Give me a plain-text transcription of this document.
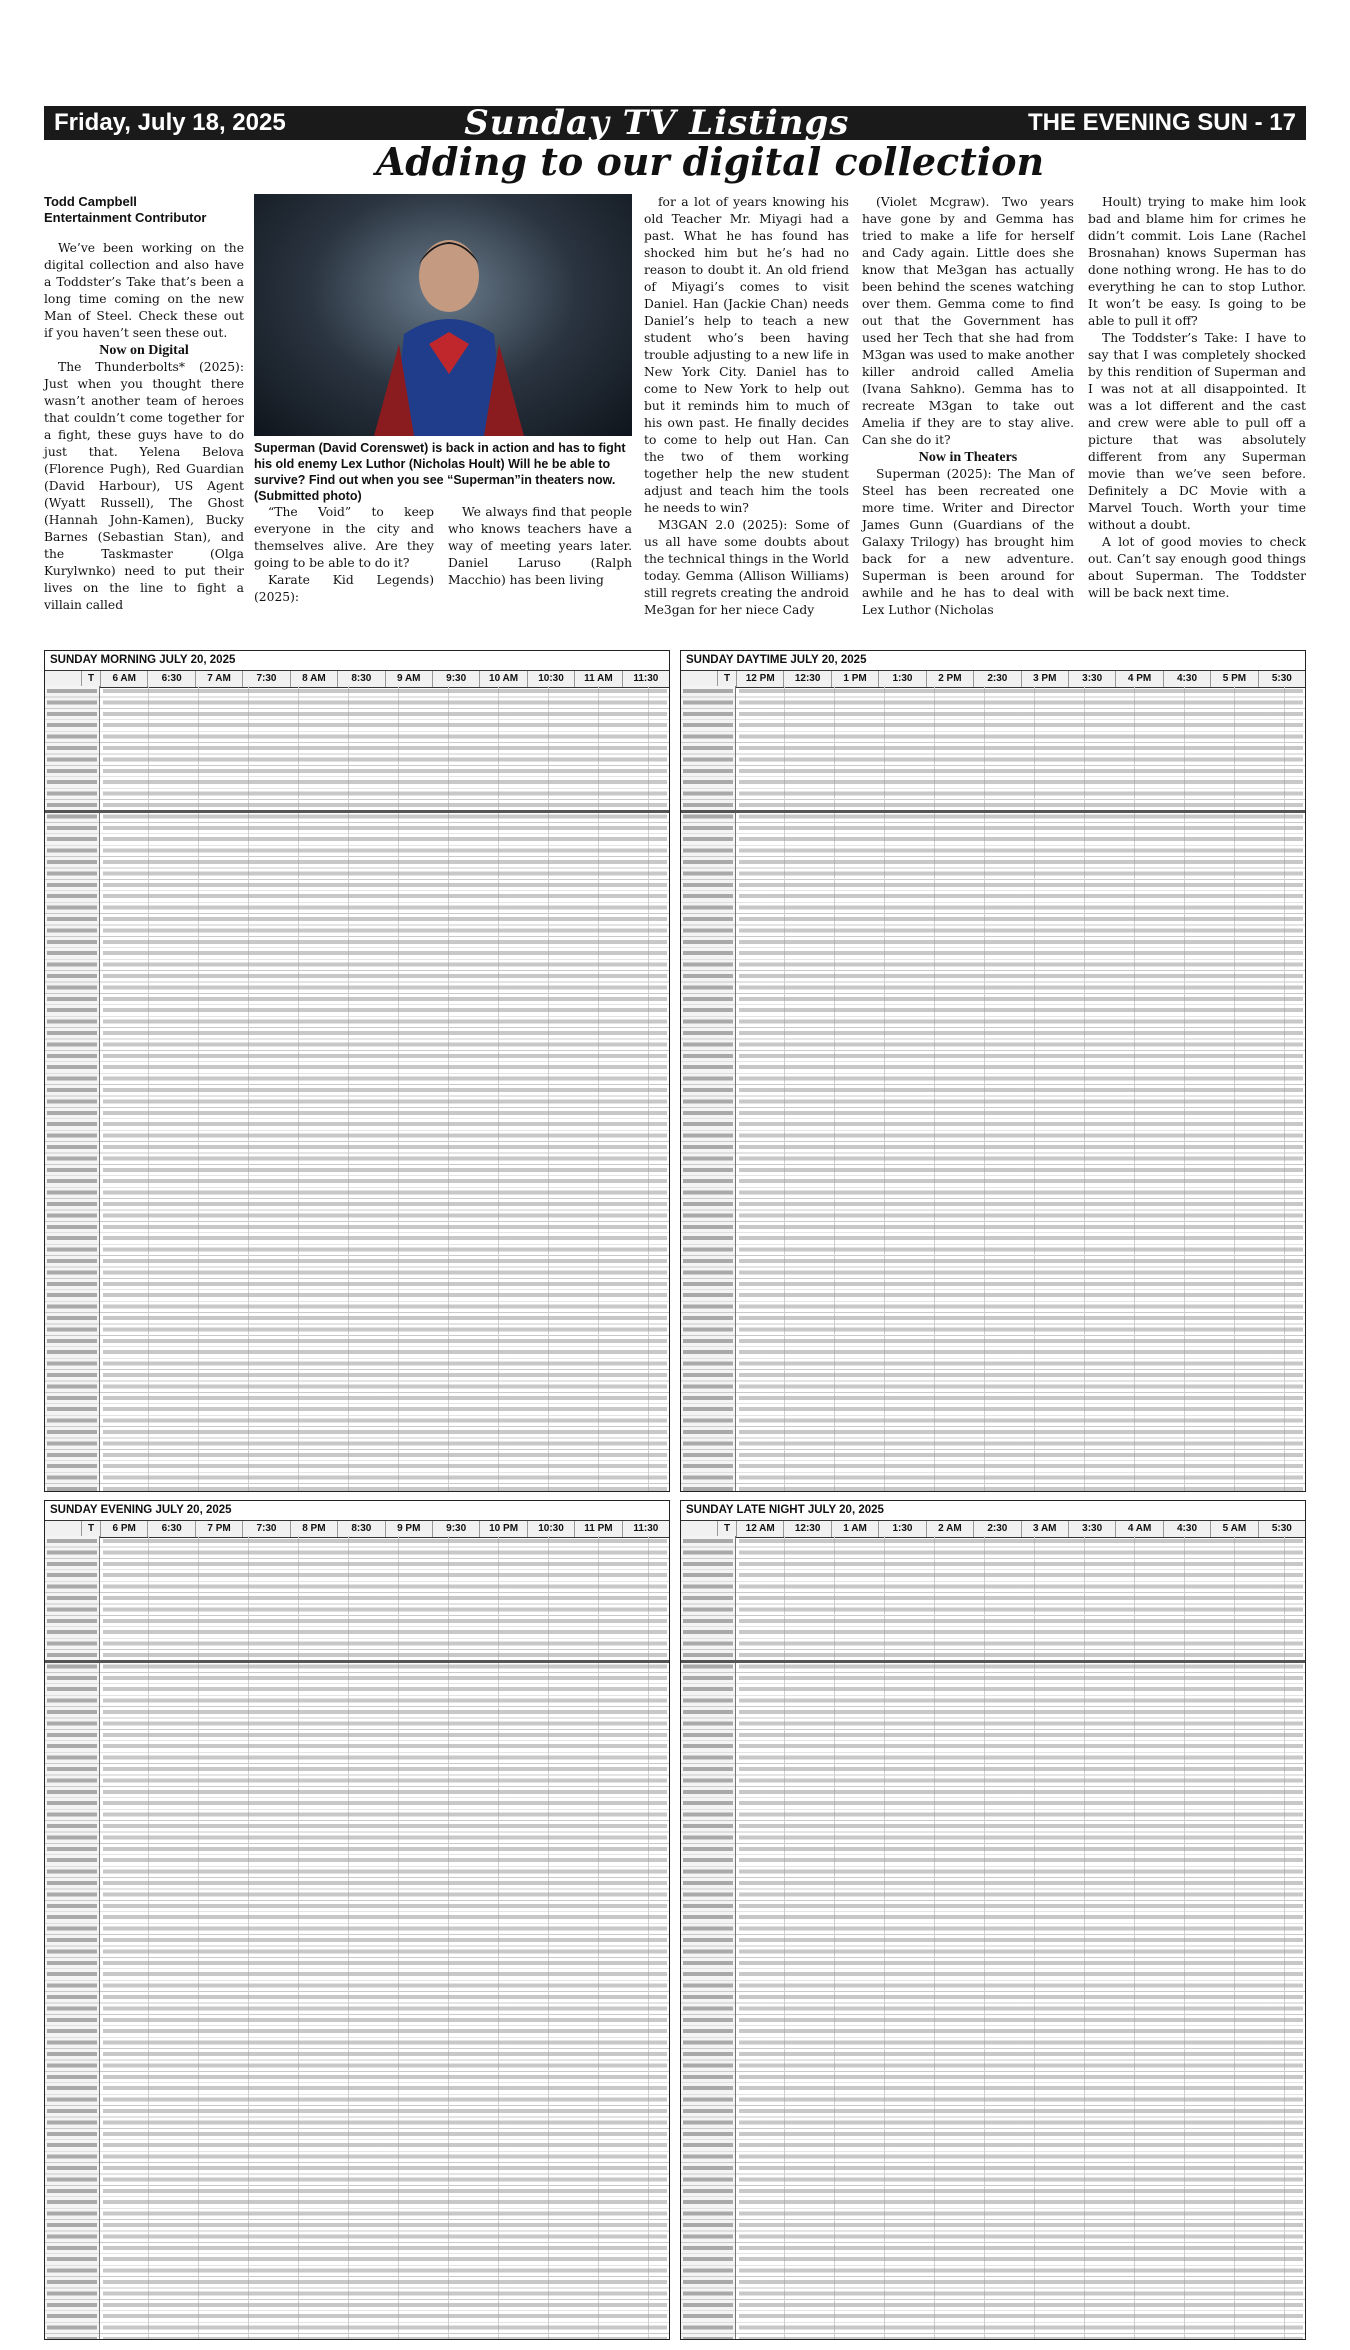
Friday, July 18, 2025	Sunday TV Listings	THE EVENING SUN - 17
Adding to our digital collection
Todd Campbell
Entertainment Contributor

We’ve been working on the digital collection and also have a Toddster’s Take that’s been a long time coming on the new Man of Steel. Check these out if you haven’t seen these out.

Now on Digital

The Thunderbolts* (2025): Just when you thought there wasn’t another team of heroes that couldn’t come together for a fight, these guys have to do just that. Yelena Belova (Florence Pugh), Red Guardian (David Harbour), US Agent (Wyatt Russell), The Ghost (Hannah John-Kamen), Bucky Barnes (Sebastian Stan), and the Taskmaster (Olga Kurylwnko) need to put their lives on the line to fight a villain called

Superman (David Corenswet) is back in action and has to fight his old enemy Lex Luthor (Nicholas Hoult) Will he be able to survive? Find out when you see “Superman”in theaters now. (Submitted photo)

“The Void” to keep everyone in the city and themselves alive. Are they going to be able to do it?

Karate Kid Legends) (2025):

We always find that people who knows teachers have a way of meeting years later. Daniel Laruso (Ralph Macchio) has been living

for a lot of years knowing his old Teacher Mr. Miyagi had a past. What he has found has shocked him but he’s had no reason to doubt it. An old friend of Miyagi’s comes to visit Daniel. Han (Jackie Chan) needs Daniel’s help to teach a new student who’s been having trouble adjusting to a new life in New York City. Daniel has to come to New York to help out but it reminds him to much of his own past. He finally decides to come to help out Han. Can the two of them working together help the new student adjust and teach him the tools he needs to win?

M3GAN 2.0 (2025): Some of us all have some doubts about the technical things in the World today. Gemma (Allison Williams) still regrets creating the android Me3gan for her niece Cady

(Violet Mcgraw). Two years have gone by and Gemma has tried to make a life for herself and Cady again. Little does she know that Me3gan has actually been behind the scenes watching over them. Gemma come to find out that the Government has used her Tech that she had from M3gan was used to make another killer android called Amelia (Ivana Sahkno). Gemma has to recreate M3gan to take out Amelia if they are to stay alive. Can she do it?

Now in Theaters

Superman (2025): The Man of Steel has been recreated one more time. Writer and Director James Gunn (Guardians of the Galaxy Trilogy) has brought him back for a new adventure. Superman is been around for awhile and he has to deal with Lex Luthor (Nicholas

Hoult) trying to make him look bad and blame him for crimes he didn’t commit. Lois Lane (Rachel Brosnahan) knows Superman has done nothing wrong. He has to do everything he can to stop Luthor. It won’t be easy. Is going to be able to pull it off?

The Toddster’s Take: I have to say that I was completely shocked by this rendition of Superman and I was not at all disappointed. It was a lot different and the cast and crew were able to pull off a picture that was absolutely different from any Superman movie than we’ve seen before. Definitely a DC Movie with a Marvel Touch. Worth your time without a doubt.

A lot of good movies to check out. Can’t say enough good things about Superman. The Toddster will be back next time.

SUNDAY MORNING JULY 20, 2025
T	6 AM	6:30	7 AM	7:30	8 AM	8:30	9 AM	9:30	10 AM	10:30	11 AM	11:30
SUNDAY DAYTIME JULY 20, 2025
T	12 PM	12:30	1 PM	1:30	2 PM	2:30	3 PM	3:30	4 PM	4:30	5 PM	5:30
SUNDAY EVENING JULY 20, 2025
T	6 PM	6:30	7 PM	7:30	8 PM	8:30	9 PM	9:30	10 PM	10:30	11 PM	11:30
SUNDAY LATE NIGHT JULY 20, 2025
T	12 AM	12:30	1 AM	1:30	2 AM	2:30	3 AM	3:30	4 AM	4:30	5 AM	5:30
